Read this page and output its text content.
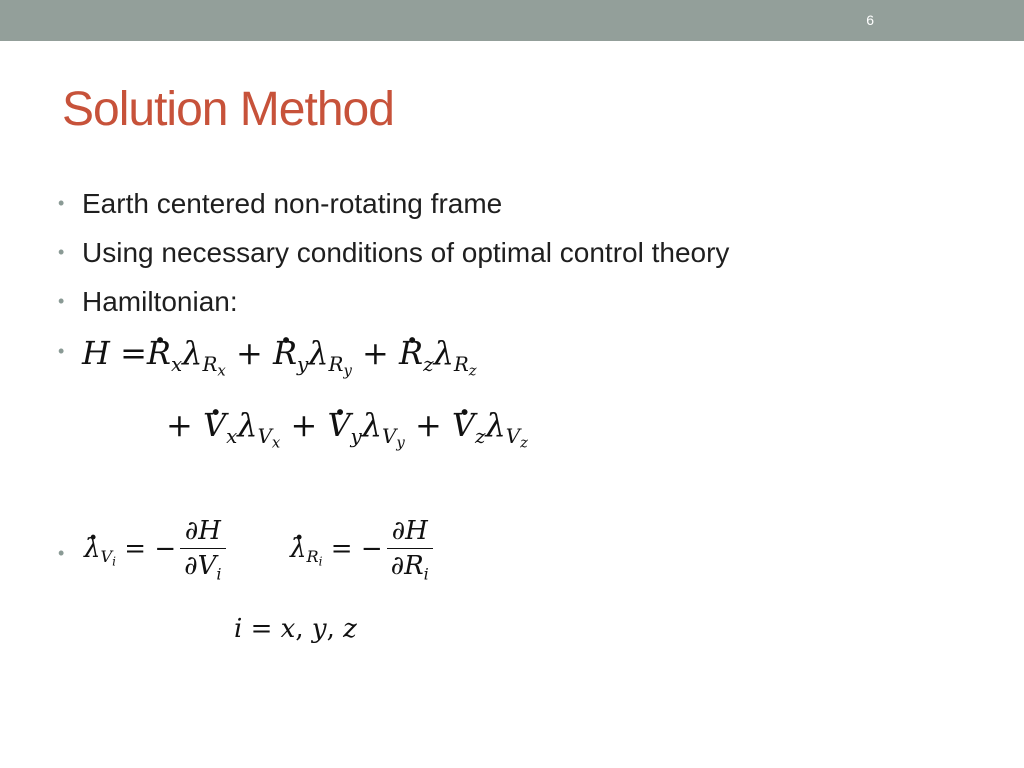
6
Solution Method
• Earth centered non-rotating frame
• Using necessary conditions of optimal control theory
• Hamiltonian:
• $H =\cdot R_x\lambda_{R_x}$ + · $R_y\lambda_{R_y}$ + · $R_z\lambda_{R_z}$
+ · $V_x\lambda_{V_x}$ + · $V_y\lambda_{V_y}$ + · $V_z\lambda_{V_z}$
•
· $\lambda_{V_i}$ = − $\frac{\partial H}{\partial V_i}$
· $\lambda_{R_i}$ = − $\frac{\partial H}{\partial R_i}$
i = x, y, z
